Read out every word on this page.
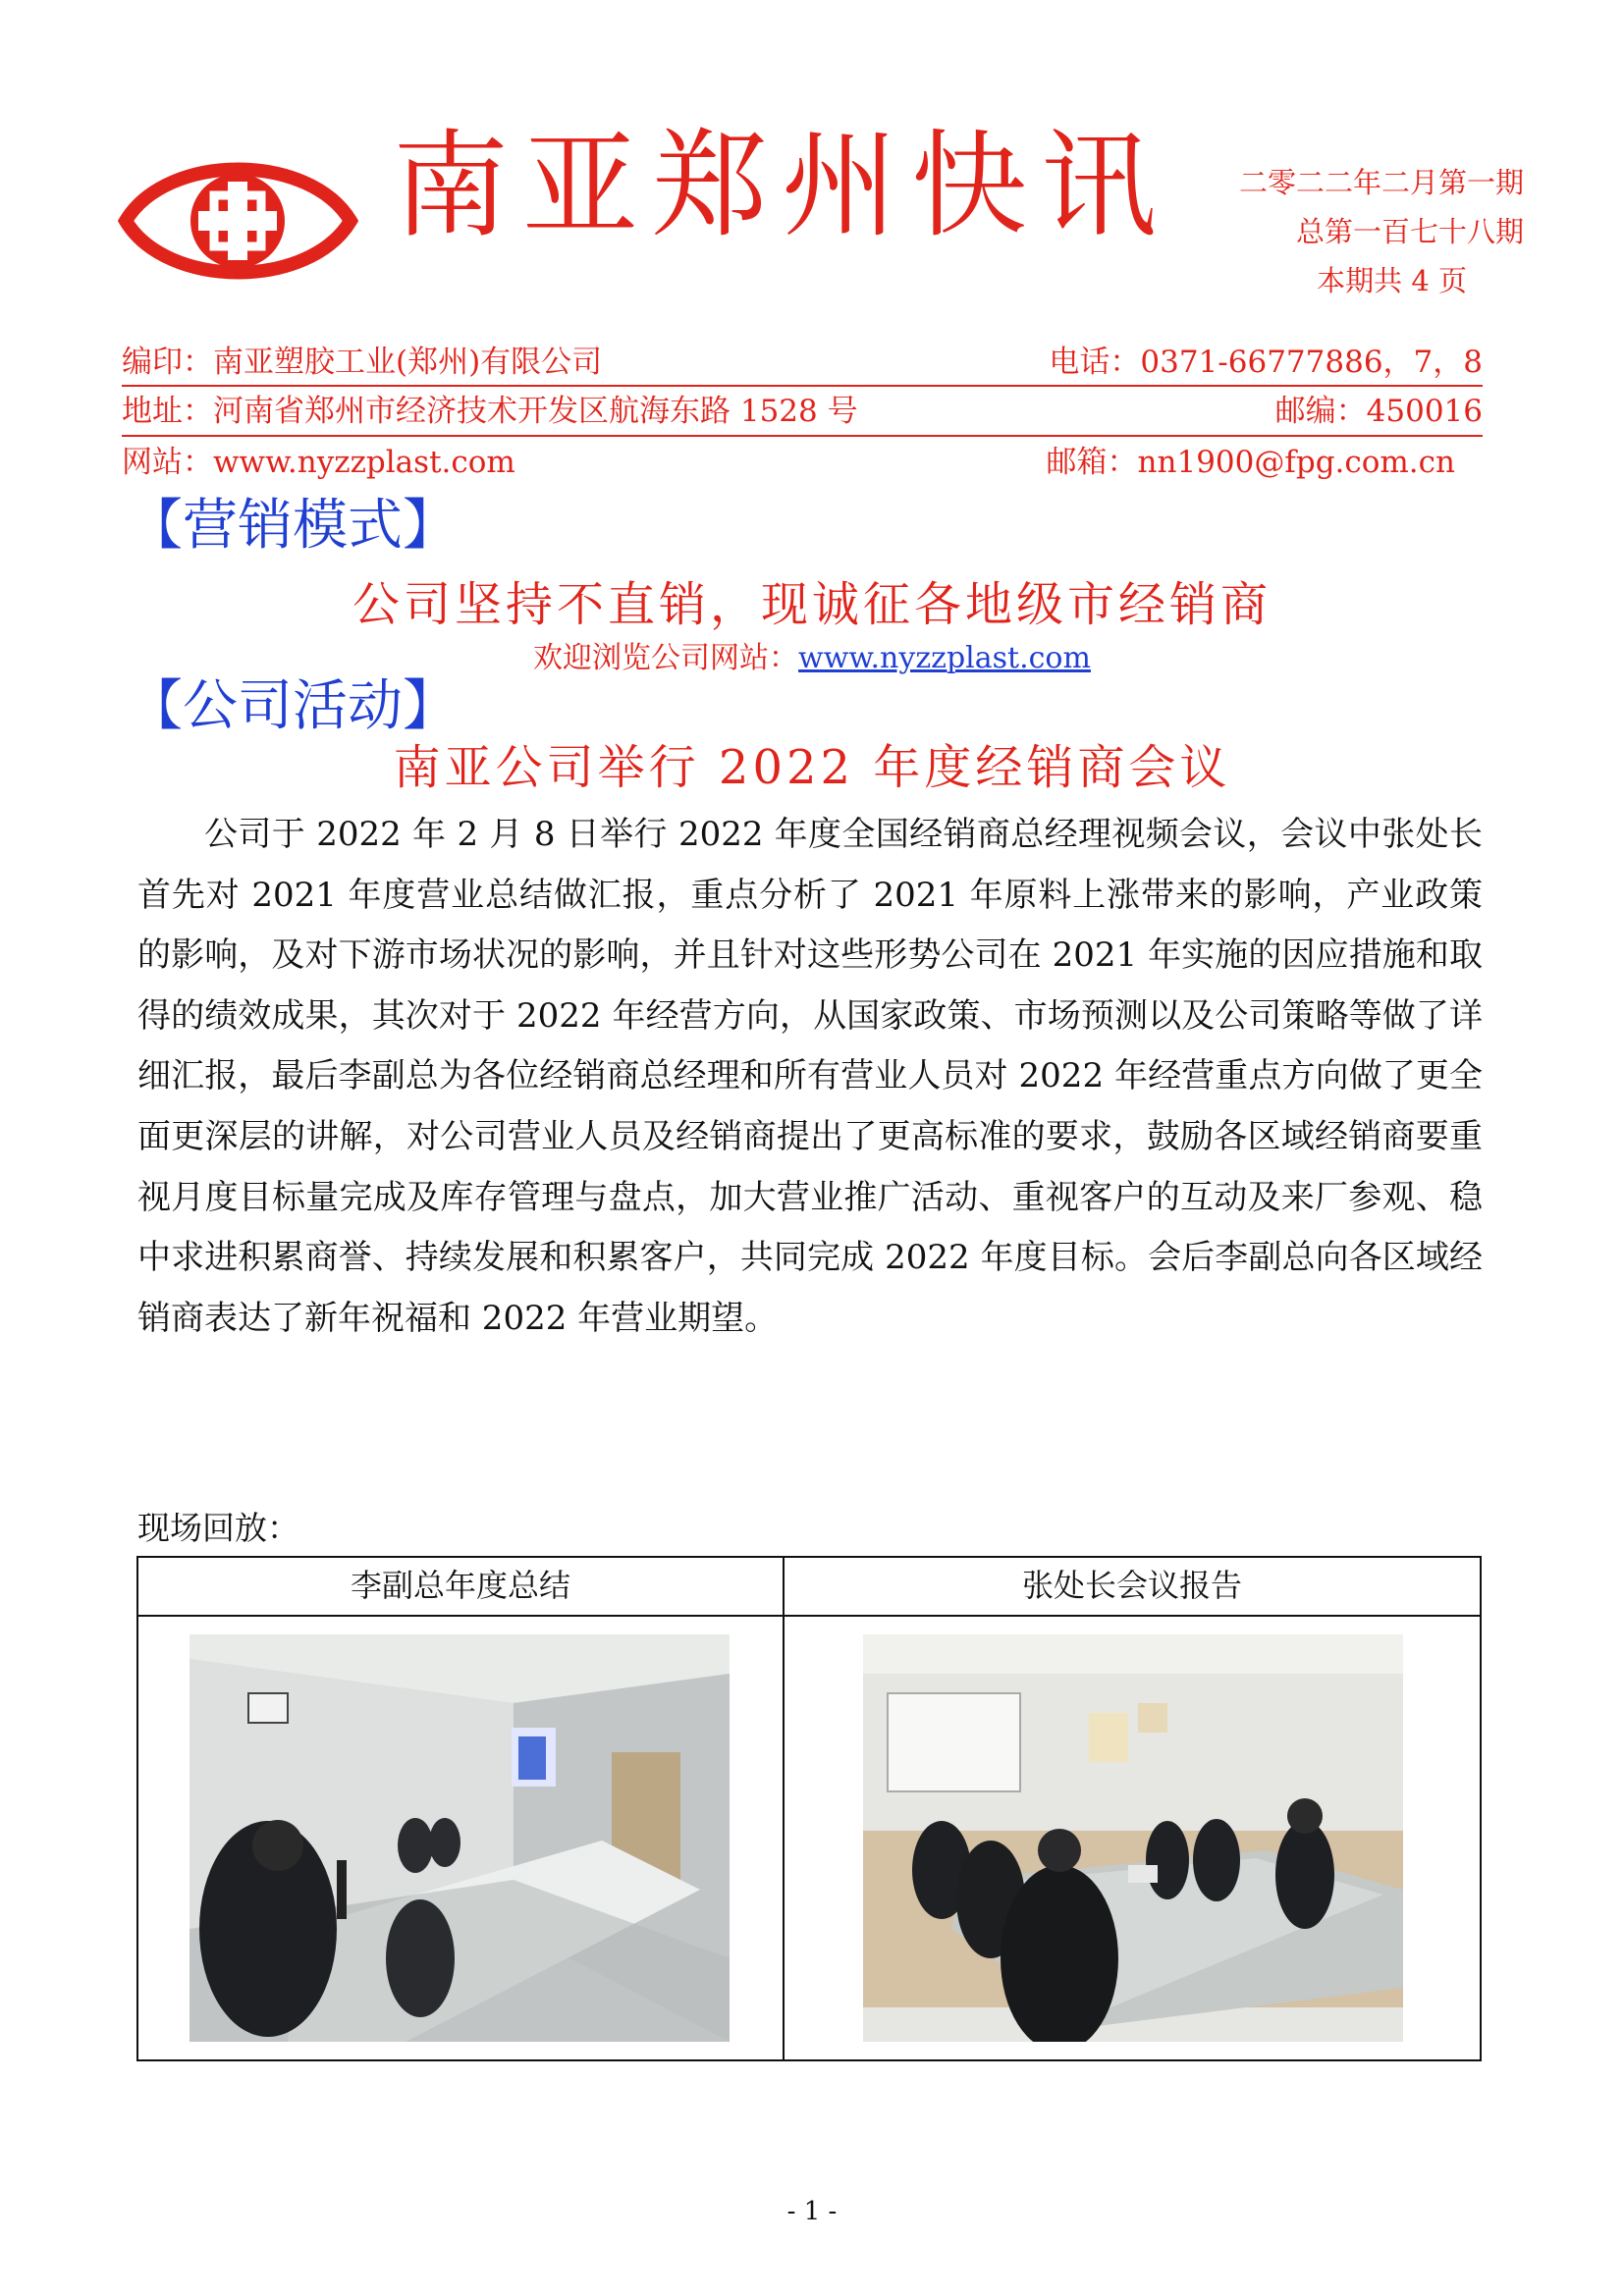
南亚郑州快讯 二零二二年二月第一期
总第一百七十八期
本期共 4 页
编印：南亚塑胶工业(郑州)有限公司	电话：0371-66777886，7，8
地址：河南省郑州市经济技术开发区航海东路 1528 号	邮编：450016
网站：www.nyzzplast.com	邮箱：nn1900@fpg.com.cn
【营销模式】
公司坚持不直销，现诚征各地级市经销商
欢迎浏览公司网站：www.nyzzplast.com
【公司活动】
南亚公司举行 2022 年度经销商会议
公司于 2022 年 2 月 8 日举行 2022 年度全国经销商总经理视频会议，会议中张处长首先对 2021 年度营业总结做汇报，重点分析了 2021 年原料上涨带来的影响，产业政策的影响，及对下游市场状况的影响，并且针对这些形势公司在 2021 年实施的因应措施和取得的绩效成果，其次对于 2022 年经营方向，从国家政策、市场预测以及公司策略等做了详细汇报，最后李副总为各位经销商总经理和所有营业人员对 2022 年经营重点方向做了更全面更深层的讲解，对公司营业人员及经销商提出了更高标准的要求，鼓励各区域经销商要重视月度目标量完成及库存管理与盘点，加大营业推广活动、重视客户的互动及来厂参观、稳中求进积累商誉、持续发展和积累客户，共同完成 2022 年度目标。会后李副总向各区域经销商表达了新年祝福和 2022 年营业期望。
现场回放：
李副总年度总结	张处长会议报告
- 1 -
